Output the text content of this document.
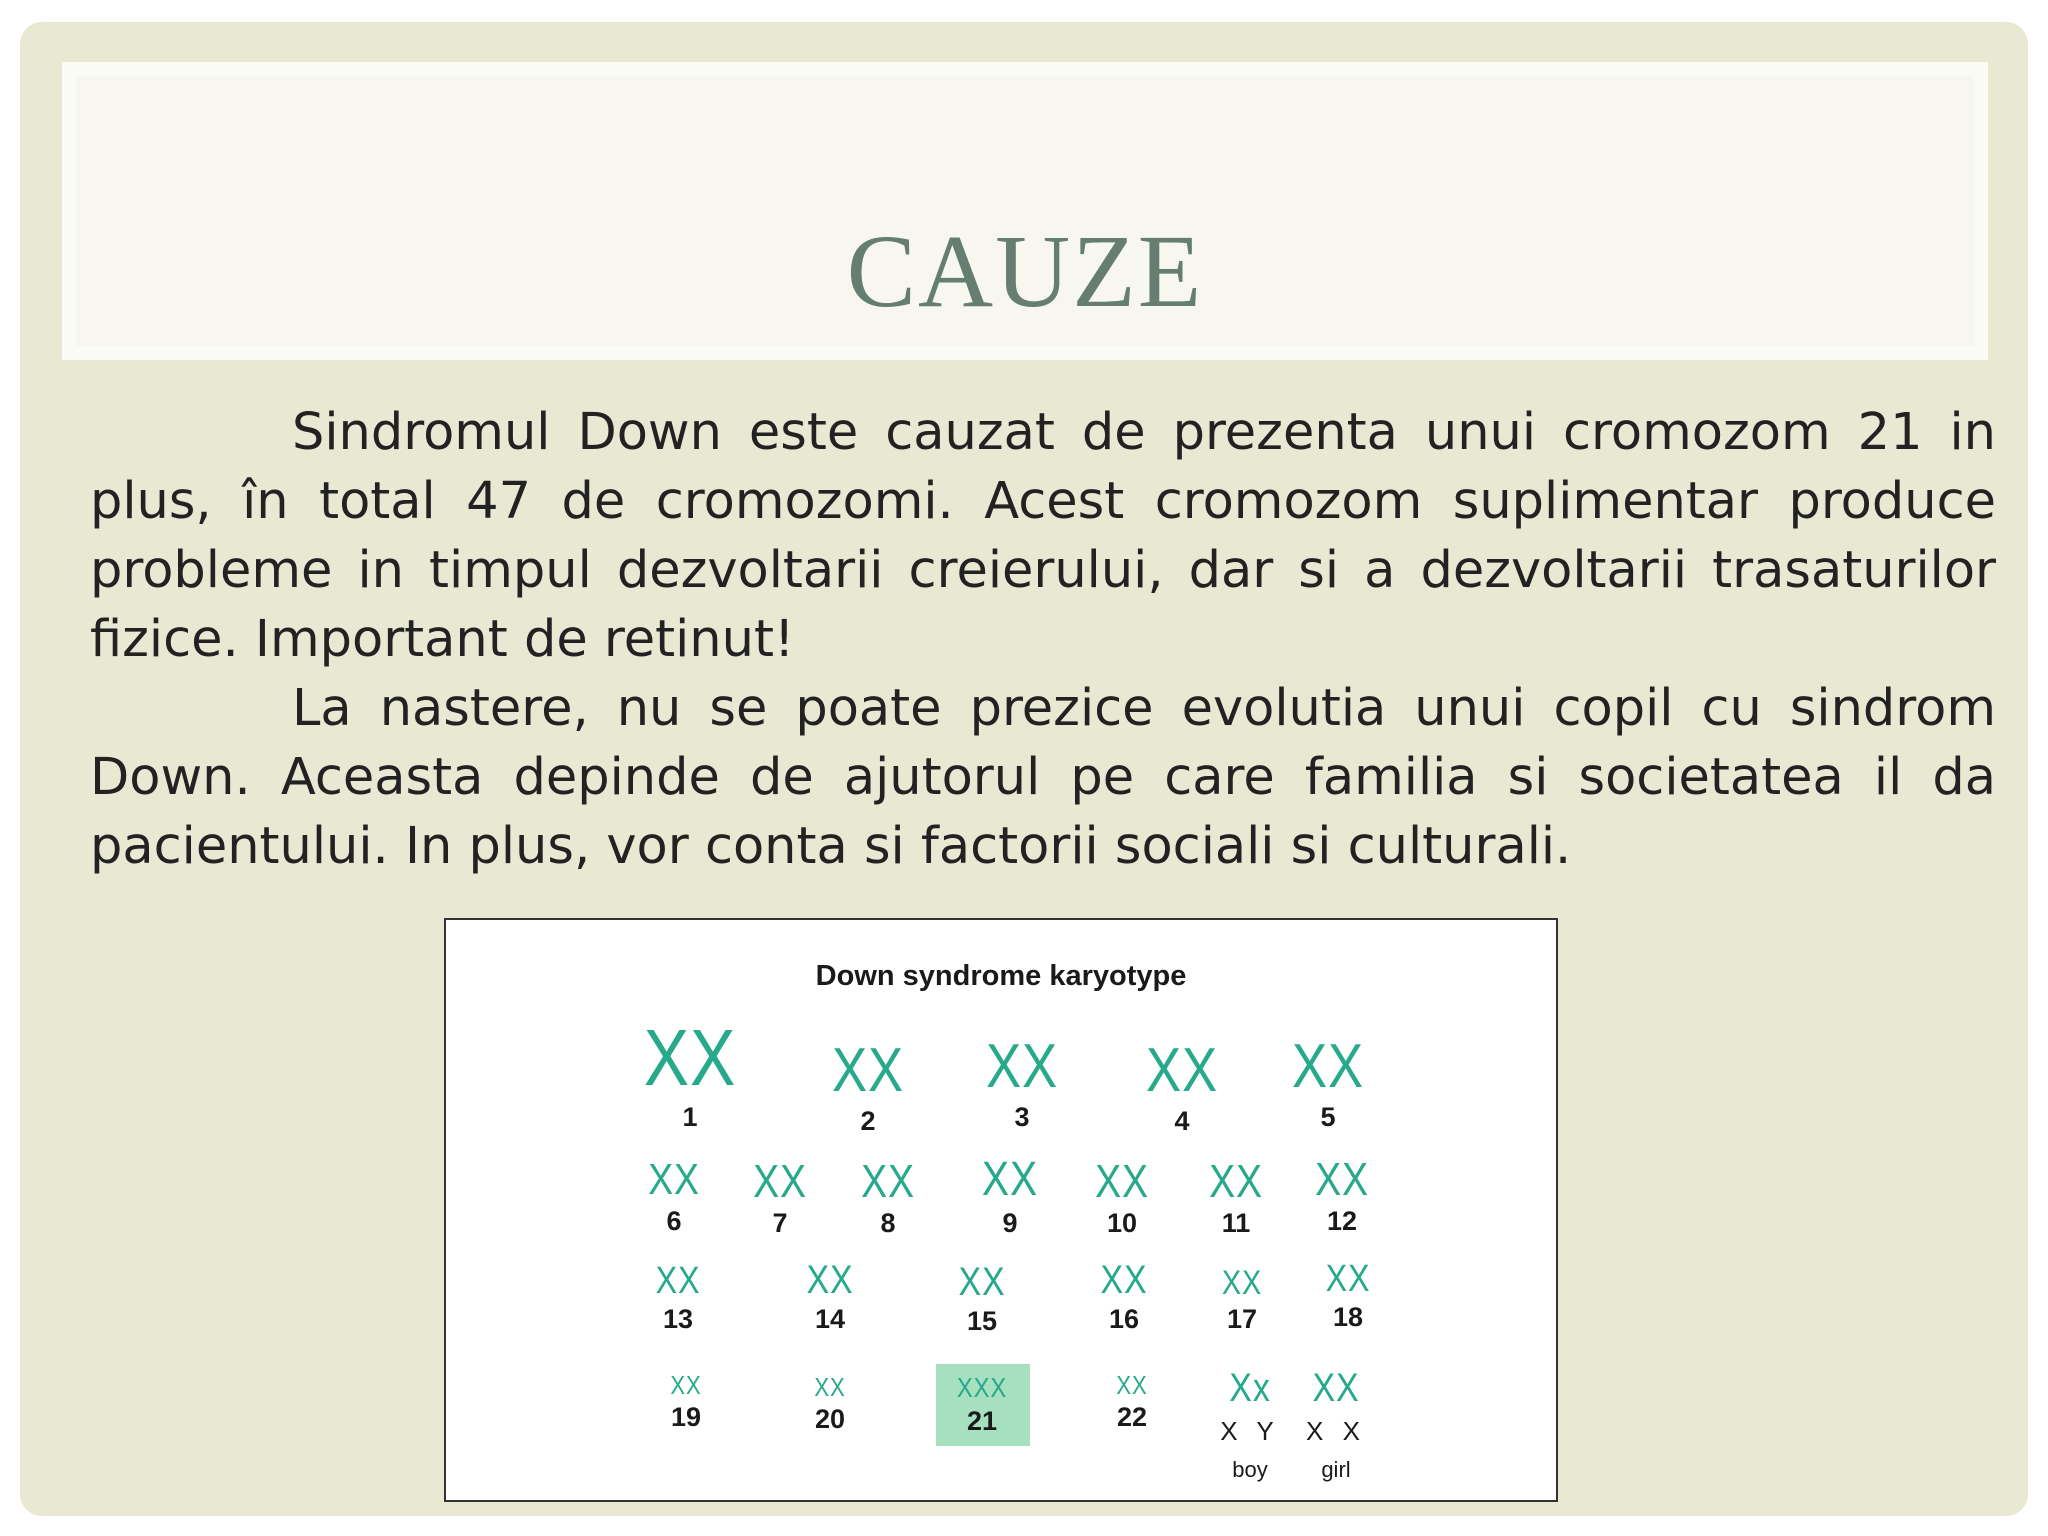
CAUZE

Sindromul Down este cauzat de prezenta unui cromozom 21 in plus, în total 47 de cromozomi. Acest cromozom suplimentar produce probleme in timpul dezvoltarii creierului, dar si a dezvoltarii trasaturilor fizice. Important de retinut!

La nastere, nu se poate prezice evolutia unui copil cu sindrom Down. Aceasta depinde de ajutorul pe care familia si societatea il da pacientului. In plus, vor conta si factorii sociali si culturali.

Down syndrome karyotype
XX
1
XX
2
XX
3
XX
4
XX
5
XX
6
XX
7
XX
8
XX
9
XX
10
XX
11
XX
12
XX
13
XX
14
XX
15
XX
16
XX
17
XX
18
XX
19
XX
20
XXX
21
XX
22
Xx
X Y
boy
XX
X X
girl
